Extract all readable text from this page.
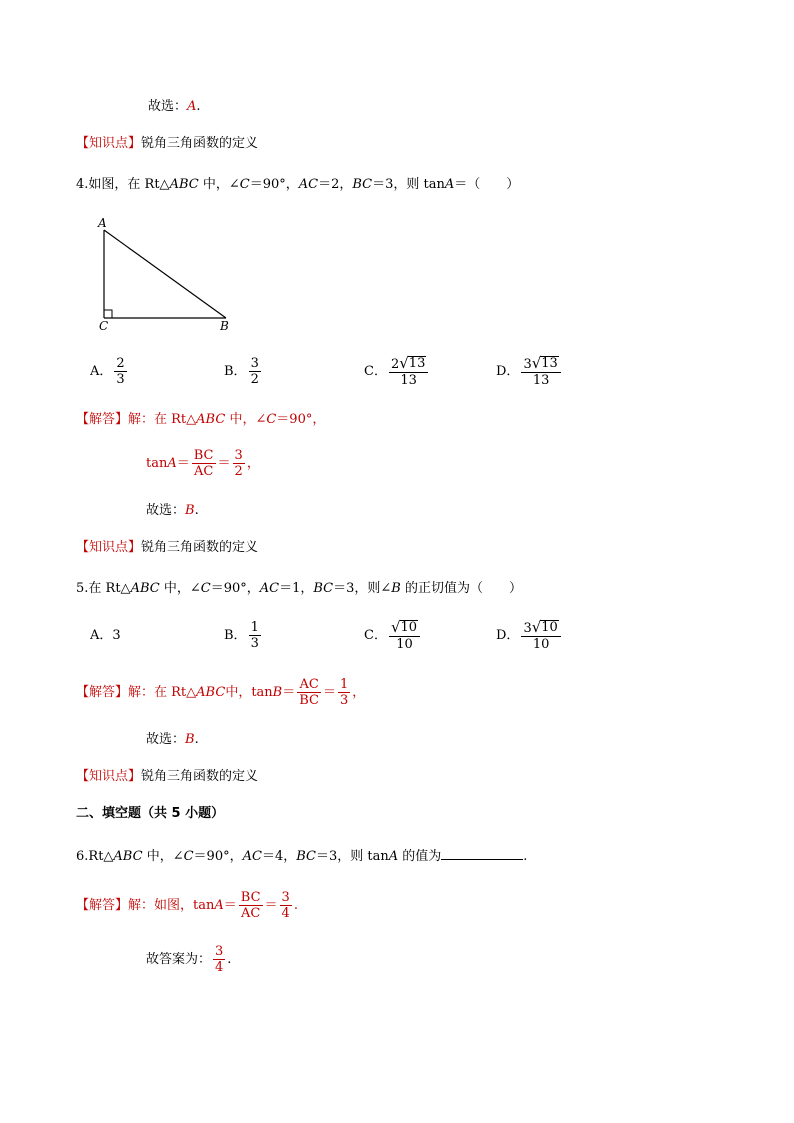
故选：A.
【知识点】锐角三角函数的定义
4.如图，在 Rt△ABC 中，∠C＝90°，AC＝2，BC＝3，则 tanA＝（　　）
A
C	B
A． $\frac{2}{3}$	B． $\frac{3}{2}$	C． $\frac{2 √ 13}{13}$	D． $\frac{3 √ 13}{13}$
【解答】解：在 Rt△ABC 中，∠C＝90°，
$\tan A = \frac{BC}{AC} = \frac{3}{2}$ ，
故选：B.
【知识点】锐角三角函数的定义
5.在 Rt△ABC 中，∠C＝90°，AC＝1，BC＝3，则∠B 的正切值为（　　）
A． 3	B． $\frac{1}{3}$	C． $\frac{√ 10}{10}$	D． $\frac{3 √ 10}{10}$
【解答】 解：在 Rt△ ABC 中，$\tan B = \frac{AC}{BC} = \frac{1}{3}$ ，
故选：B.
【知识点】锐角三角函数的定义
二、填空题（共 5 小题）
6.Rt△ABC 中，∠C＝90°，AC＝4，BC＝3，则 tanA 的值为	.
【解答】 解：如图，$\tan A = \frac{BC}{AC} = \frac{3}{4}$ .
故答案为： $\frac{3}{4}$ .
